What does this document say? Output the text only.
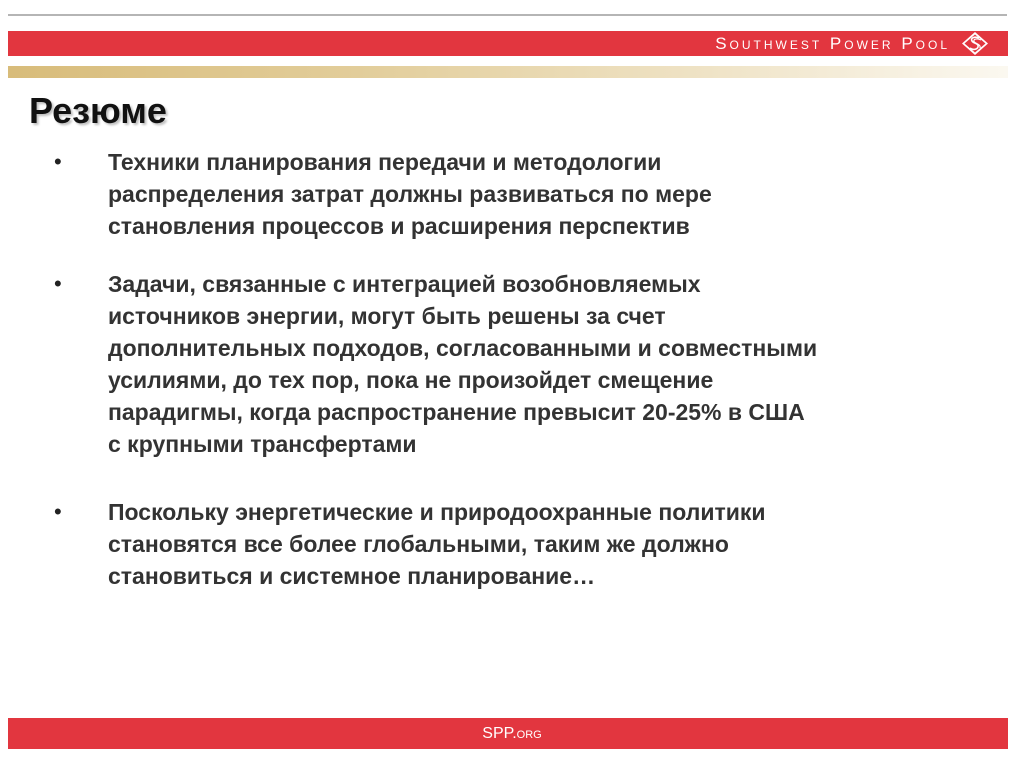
Southwest Power Pool
Резюме
• Техники планирования передачи и методологии
распределения затрат должны развиваться по мере
становления процессов и расширения перспектив
• Задачи, связанные с интеграцией возобновляемых
источников энергии, могут быть решены за счет
дополнительных подходов, согласованными и совместными
усилиями, до тех пор, пока не произойдет смещение
парадигмы, когда распространение превысит 20-25% в США
с крупными трансфертами
• Поскольку энергетические и природоохранные политики
становятся все более глобальными, таким же должно
становиться и системное планирование…
SPP.org
